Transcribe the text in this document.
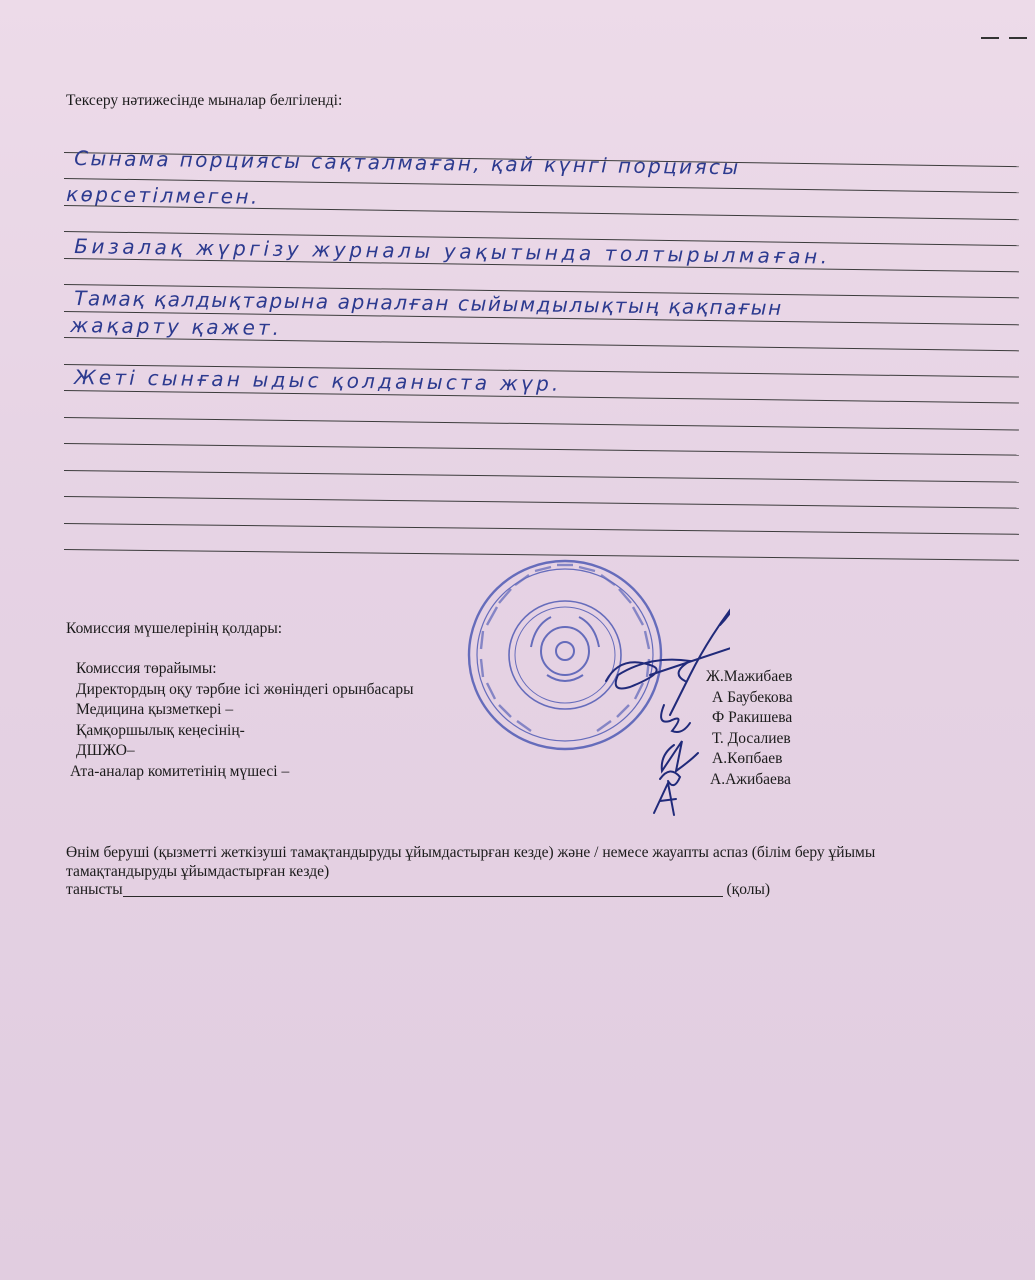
Тексеру нәтижесінде мыналар белгіленді:
Сынама порциясы сақталмаған, қай күнгі порциясы
көрсетілмеген.
Бизалақ жүргізу журналы уақытында толтырылмаған.
Тамақ қалдықтарына арналған сыйымдылықтың қақпағын
жақарту қажет.
Жеті сынған ыдыс қолданыста жүр.
Комиссия мүшелерінің қолдары:
Комиссия төрайымы:
Директордың оқу тәрбие ісі жөніндегі орынбасары
Медицина қызметкері –
Қамқоршылық кеңесінің-
ДШЖО–
Ата-аналар комитетінің мүшесі –
Ж.Мажибаев
А Баубекова
Ф Ракишева
Т. Досалиев
А.Көпбаев
А.Ажибаева
Өнім беруші (қызметті жеткізуші тамақтандыруды ұйымдастырған кезде) және / немесе жауапты аспаз (білім беру ұйымы тамақтандыруды ұйымдастырған кезде)
танысты	(қолы)
